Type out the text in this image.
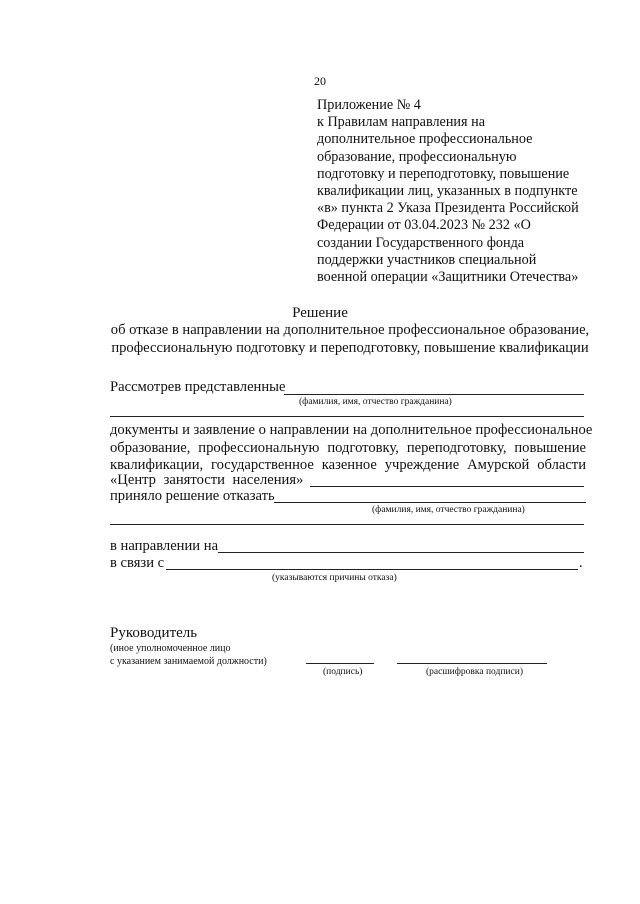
20
Приложение № 4
к Правилам направления на
дополнительное профессиональное
образование, профессиональную
подготовку и переподготовку, повышение
квалификации лиц, указанных в подпункте
«в» пункта 2 Указа Президента Российской
Федерации от 03.04.2023 № 232 «О
создании Государственного фонда
поддержки участников специальной
военной операции «Защитники Отечества»
Решение
об отказе в направлении на дополнительное профессиональное образование,
профессиональную подготовку и переподготовку, повышение квалификации
Рассмотрев представленные
(фамилия, имя, отчество гражданина)
документы и заявление о направлении на дополнительное профессиональное
образование, профессиональную подготовку, переподготовку, повышение
квалификации, государственное казенное учреждение Амурской области
«Центр занятости населения»
приняло решение отказать
(фамилия, имя, отчество гражданина)
в направлении на
в связи с	.
(указываются причины отказа)
Руководитель
(иное уполномоченное лицо
с указанием занимаемой должности)
(подпись)	(расшифровка подписи)
